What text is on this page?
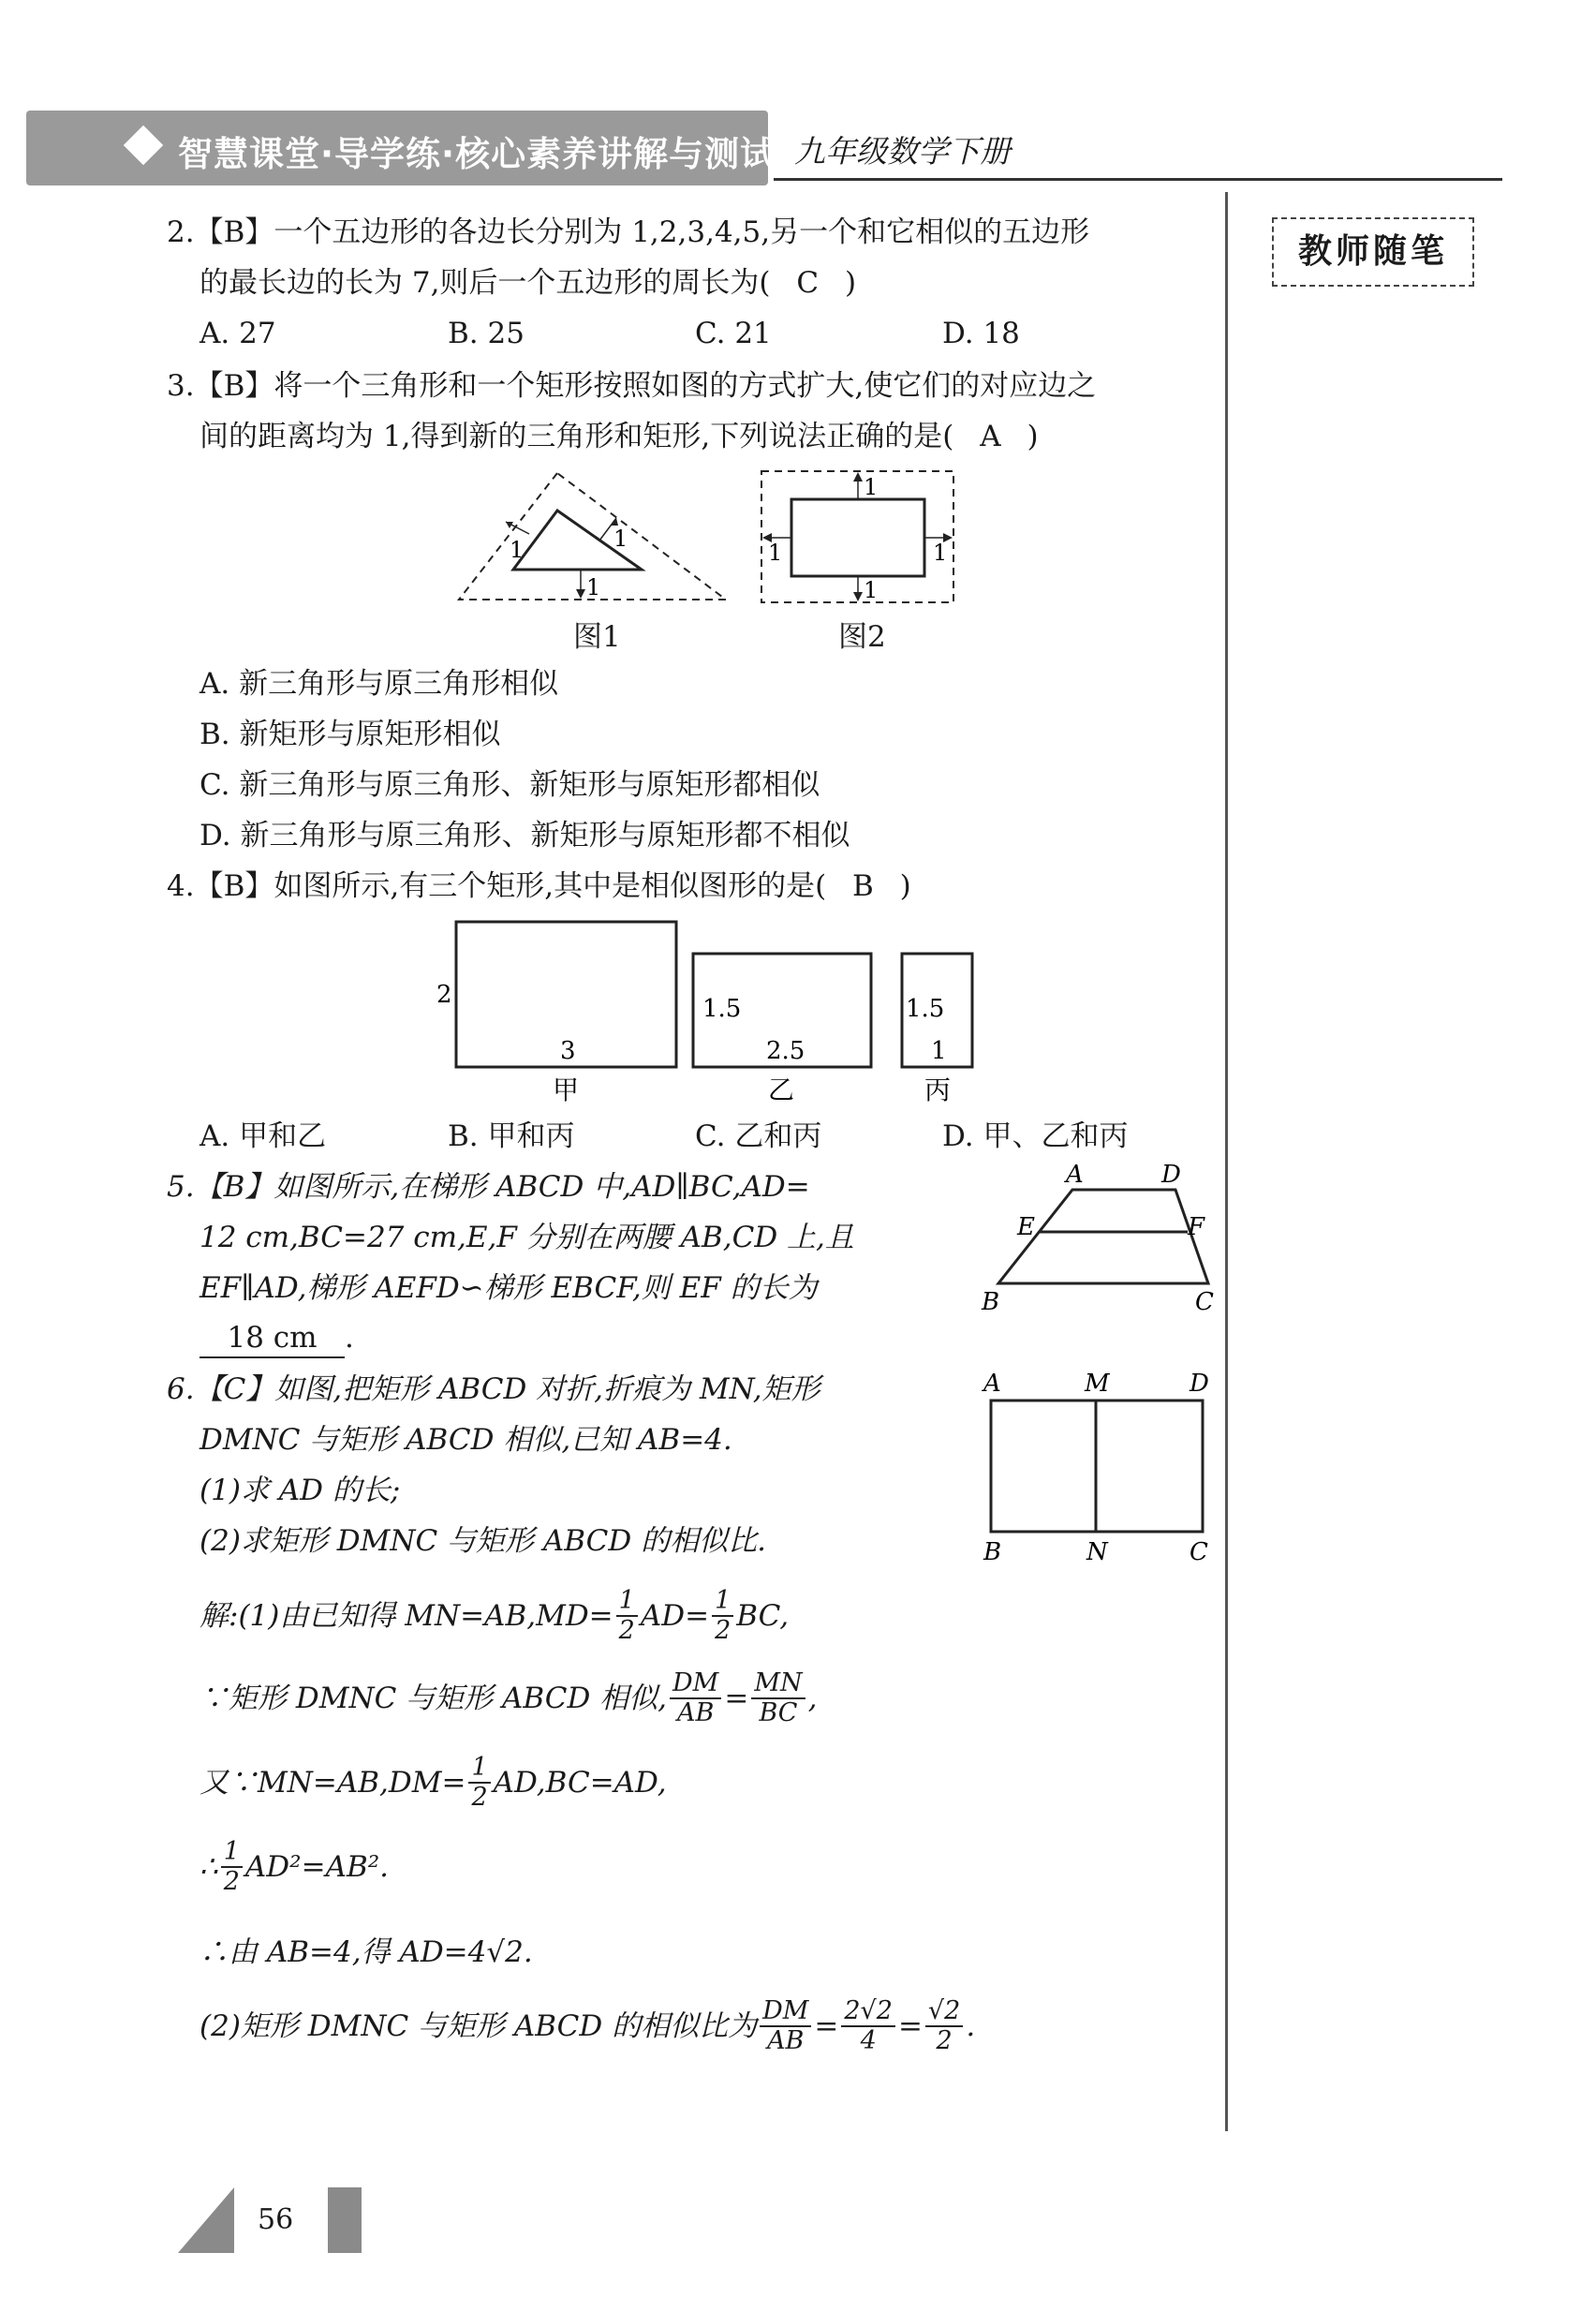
智慧课堂·导学练·核心素养讲解与测试 九年级数学下册
教师随笔
2.【B】一个五边形的各边长分别为 1,2,3,4,5,另一个和它相似的五边形
的最长边的长为 7,则后一个五边形的周长为( C )
A. 27	B. 25	C. 21	D. 18
3.【B】将一个三角形和一个矩形按照如图的方式扩大,使它们的对应边之
间的距离均为 1,得到新的三角形和矩形,下列说法正确的是( A )
1	1
1
图1
1
1
1	1
图2
A. 新三角形与原三角形相似
B. 新矩形与原矩形相似
C. 新三角形与原三角形、新矩形与原矩形都相似
D. 新三角形与原三角形、新矩形与原矩形都不相似
4.【B】如图所示,有三个矩形,其中是相似图形的是( B )
2
3
1.5
2.5
1.5
1
甲	乙	丙
A. 甲和乙	B. 甲和丙	C. 乙和丙	D. 甲、乙和丙
5.【B】如图所示,在梯形 ABCD 中,AD∥BC,AD=
12 cm,BC=27 cm,E,F 分别在两腰 AB,CD 上,且
EF∥AD,梯形 AEFD∽梯形 EBCF,则 EF 的长为
18 cm .
A	D
E	F
B	C
6.【C】如图,把矩形 ABCD 对折,折痕为 MN,矩形
DMNC 与矩形 ABCD 相似,已知 AB=4.
(1)求 AD 的长;
(2)求矩形 DMNC 与矩形 ABCD 的相似比.
A	M	D
B	N	C
解:(1)由已知得 $MN=AB,MD= \frac{1}{2} AD= \frac{1}{2}$ BC,
∵矩形 DMNC 与矩形 ABCD 相似, $\frac{DM}{AB} = \frac{MN}{BC}$ ,
又∵MN=AB,DM= $\frac{1}{2} AD,BC=AD$,
∴ $\frac{1}{2} AD^2=AB^2$.
∴由 AB=4,得 AD=4√2.
(2)矩形 DMNC 与矩形 ABCD 的相似比为 $\frac{DM}{AB} = \frac{2√2}{4} = \frac{√2}{2}$ .
56
